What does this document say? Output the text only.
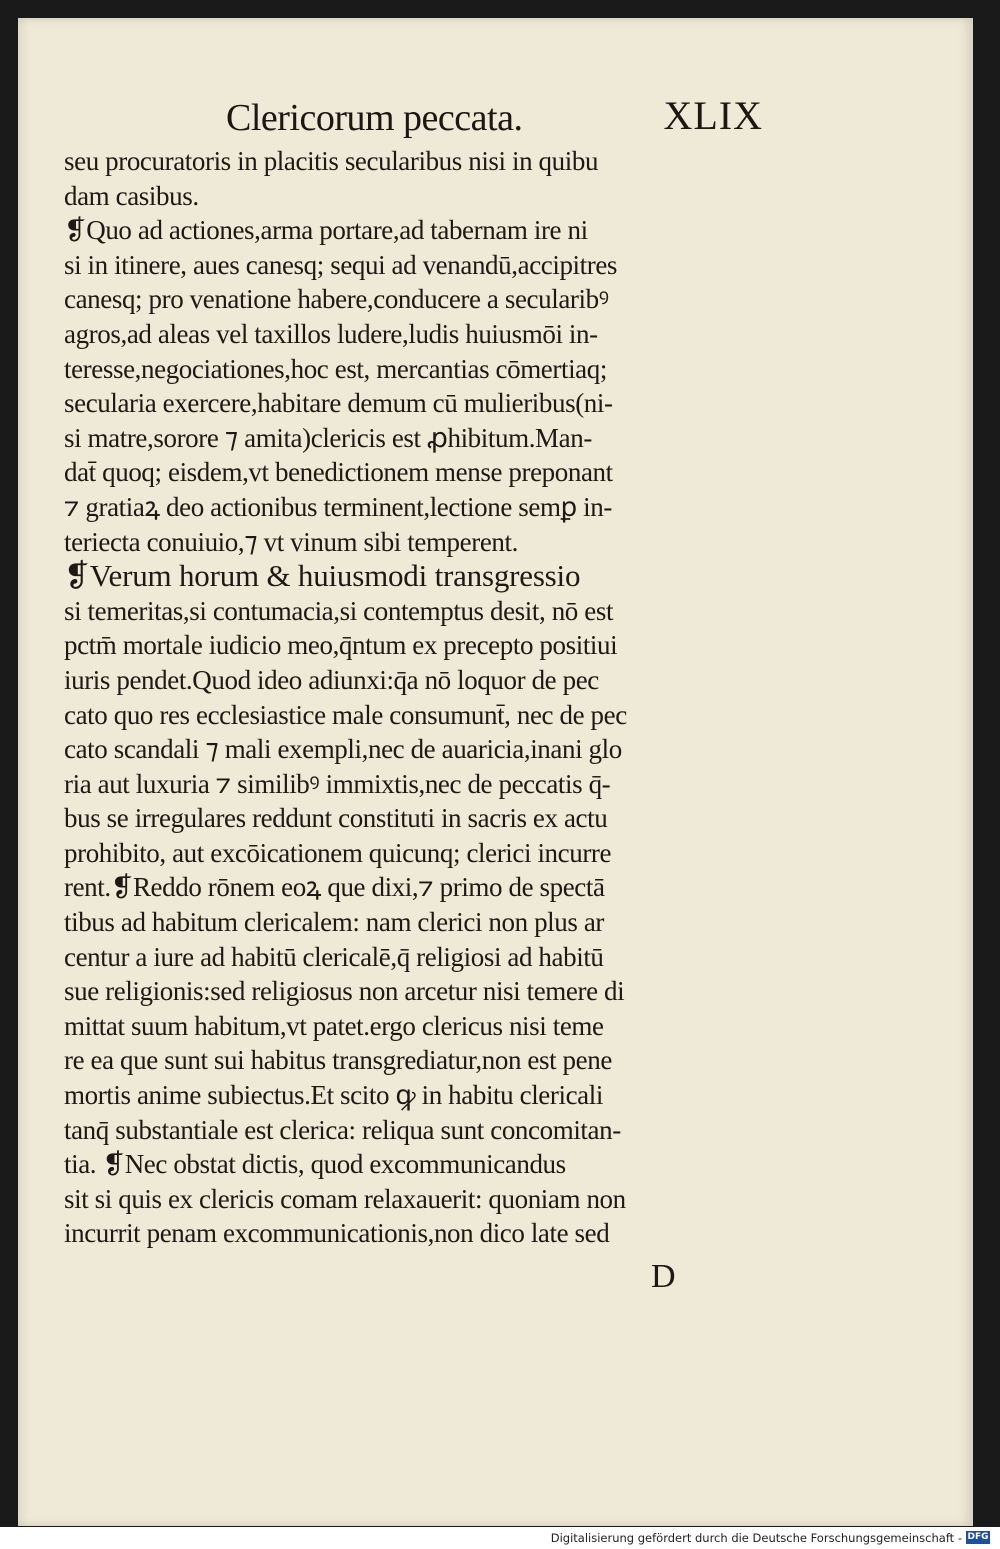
Clericorum peccata.	XLIX
seu procuratoris in placitis secularibus nisi in quibu
dam casibus.
❡Quo ad actiones,arma portare,ad tabernam ire ni
si in itinere, aues canesq; sequi ad venandū,accipitres
canesq; pro venatione habere,conducere a secularibꝰ
agros,ad aleas vel taxillos ludere,ludis huiusmōi in-
teresse,negociationes,hoc est, mercantias cōmertiaq;
secularia exercere,habitare demum cū mulieribus(ni-
si matre,sorore ⁊ amita)clericis est ꝓhibitum.Man-
dat̄ quoq; eisdem,vt benedictionem mense preponant
⁊ gratiaꝝ deo actionibus terminent,lectione semꝑ in-
teriecta conuiuio,⁊ vt vinum sibi temperent.
❡Verum horum & huiusmodi transgressio
si temeritas,si contumacia,si contemptus desit, nō est
pctm̄ mortale iudicio meo,q̄ntum ex precepto positiui
iuris pendet.Quod ideo adiunxi:q̄a nō loquor de pec
cato quo res ecclesiastice male consumunt̄, nec de pec
cato scandali ⁊ mali exempli,nec de auaricia,inani glo
ria aut luxuria ⁊ similibꝰ immixtis,nec de peccatis q̄-
bus se irregulares reddunt constituti in sacris ex actu
prohibito, aut excōicationem quicunq; clerici incurre
rent.❡Reddo rōnem eoꝝ que dixi,⁊ primo de spectā
tibus ad habitum clericalem: nam clerici non plus ar
centur a iure ad habitū clericalē,q̄ religiosi ad habitū
sue religionis:sed religiosus non arcetur nisi temere di
mittat suum habitum,vt patet.ergo clericus nisi teme
re ea que sunt sui habitus transgrediatur,non est pene
mortis anime subiectus.Et scito ꝙ in habitu clericali
tanq̄ substantiale est clerica: reliqua sunt concomitan-
tia. ❡Nec obstat dictis, quod excommunicandus
sit si quis ex clericis comam relaxauerit: quoniam non
incurrit penam excommunicationis,non dico late sed
D
Digitalisierung gefördert durch die Deutsche Forschungsgemeinschaft - DFG
